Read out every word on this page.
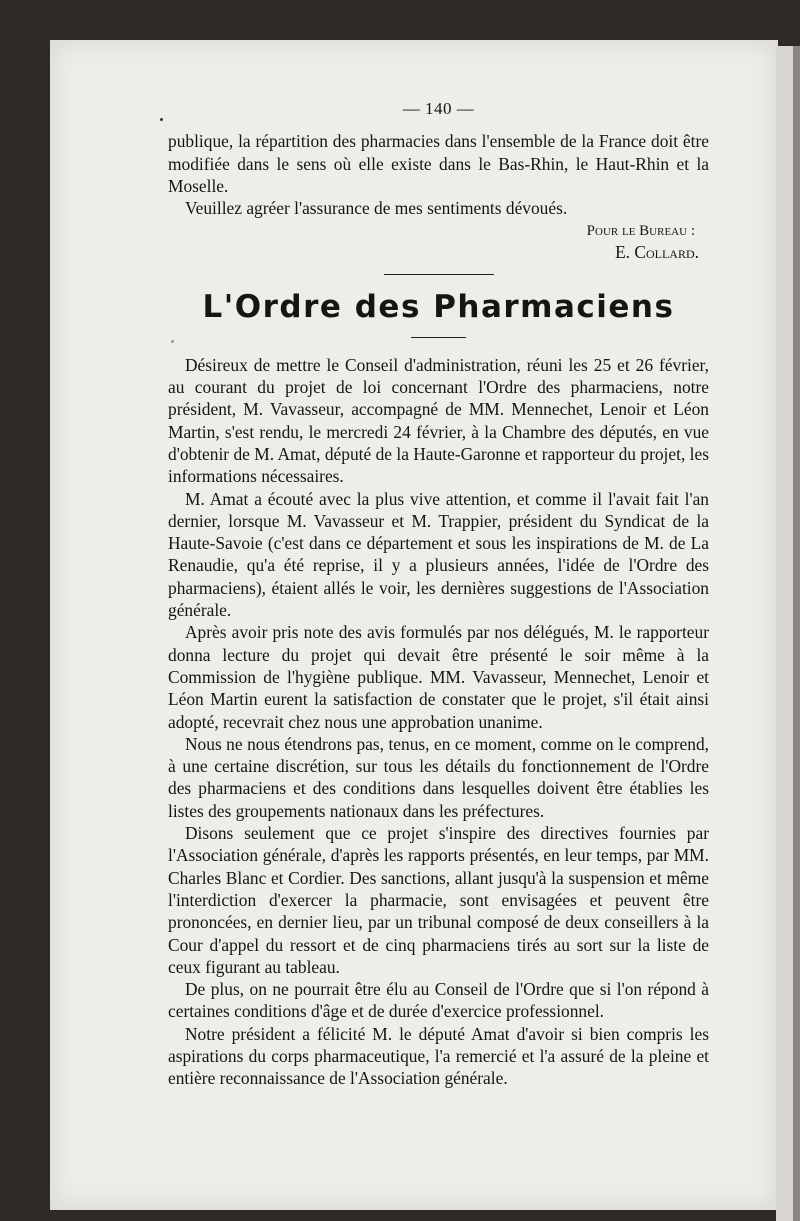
— 140 —

publique, la répartition des pharmacies dans l'ensemble de la France doit être modifiée dans le sens où elle existe dans le Bas-Rhin, le Haut-Rhin et la Moselle.

Veuillez agréer l'assurance de mes sentiments dévoués.

Pour le Bureau :
E. Collard.
L'Ordre des Pharmaciens

Désireux de mettre le Conseil d'administration, réuni les 25 et 26 février, au courant du projet de loi concernant l'Ordre des pharmaciens, notre président, M. Vavasseur, accompagné de MM. Mennechet, Lenoir et Léon Martin, s'est rendu, le mercredi 24 février, à la Chambre des députés, en vue d'obtenir de M. Amat, député de la Haute-Garonne et rapporteur du projet, les informations nécessaires.

M. Amat a écouté avec la plus vive attention, et comme il l'avait fait l'an dernier, lorsque M. Vavasseur et M. Trappier, président du Syndicat de la Haute-Savoie (c'est dans ce département et sous les inspirations de M. de La Renaudie, qu'a été reprise, il y a plusieurs années, l'idée de l'Ordre des pharmaciens), étaient allés le voir, les dernières suggestions de l'Association générale.

Après avoir pris note des avis formulés par nos délégués, M. le rapporteur donna lecture du projet qui devait être présenté le soir même à la Commission de l'hygiène publique. MM. Vavasseur, Mennechet, Lenoir et Léon Martin eurent la satisfaction de constater que le projet, s'il était ainsi adopté, recevrait chez nous une approbation unanime.

Nous ne nous étendrons pas, tenus, en ce moment, comme on le comprend, à une certaine discrétion, sur tous les détails du fonctionnement de l'Ordre des pharmaciens et des conditions dans lesquelles doivent être établies les listes des groupements nationaux dans les préfectures.

Disons seulement que ce projet s'inspire des directives fournies par l'Association générale, d'après les rapports présentés, en leur temps, par MM. Charles Blanc et Cordier. Des sanctions, allant jusqu'à la suspension et même l'interdiction d'exercer la pharmacie, sont envisagées et peuvent être prononcées, en dernier lieu, par un tribunal composé de deux conseillers à la Cour d'appel du ressort et de cinq pharmaciens tirés au sort sur la liste de ceux figurant au tableau.

De plus, on ne pourrait être élu au Conseil de l'Ordre que si l'on répond à certaines conditions d'âge et de durée d'exercice professionnel.

Notre président a félicité M. le député Amat d'avoir si bien compris les aspirations du corps pharmaceutique, l'a remercié et l'a assuré de la pleine et entière reconnaissance de l'Association générale.
